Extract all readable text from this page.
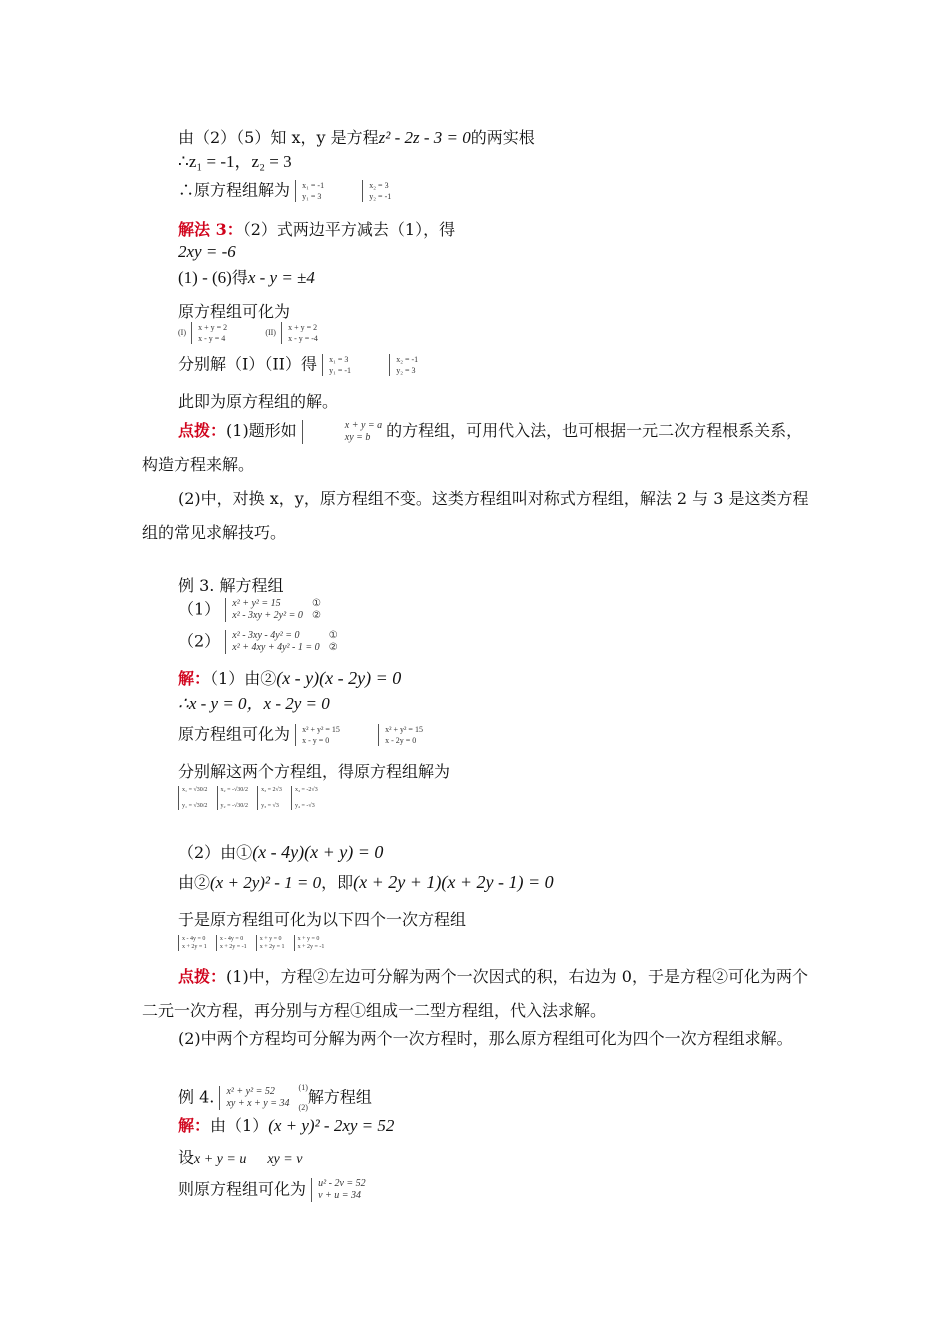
由（2）（5）知 x，y 是方程z² - 2z - 3 = 0的两实根
∴z₁ = -1，z₂ = 3
∴原方程组解为 x₁ = -1
y₁ = 3

x₂ = 3
y₂ = -1
解法 3：（2）式两边平方减去（1），得
2xy = -6
(1) - (6)得x - y = ±4
原方程组可化为
(I)
x + y = 2
x - y = 4
(II)
x + y = 2
x - y = -4
分别解（I）（II）得 x₁ = 3
y₁ = -1

x₂ = -1
y₂ = 3
此即为原方程组的解。
点拨：(1)题形如	x + y = a
xy = b 的方程组，可用代入法，也可根据一元二次方程根系关系，构造方程来解。
(2)中，对换 x，y，原方程组不变。这类方程组叫对称式方程组，解法 2 与 3 是这类方程组的常见求解技巧。
例 3. 解方程组
（1） x² + y² = 15
x² - 3xy + 2y² = 0

①
②
（2） x² - 3xy - 4y² = 0
x² + 4xy + 4y² - 1 = 0

①
②
解：（1）由②(x - y)(x - 2y) = 0
∴x - y = 0，x - 2y = 0
原方程组可化为 x² + y² = 15
x - y = 0

x² + y² = 15
x - 2y = 0
分别解这两个方程组，得原方程组解为
x₁ = √30/2
y₁ = √30/2

x₂ = -√30/2
y₂ = -√30/2

x₃ = 2√3
y₃ = √3

x₄ = -2√3
y₄ = -√3
（2）由①(x - 4y)(x + y) = 0
由②(x + 2y)² - 1 = 0，即(x + 2y + 1)(x + 2y - 1) = 0
于是原方程组可化为以下四个一次方程组
x - 4y = 0
x + 2y = 1

x - 4y = 0
x + 2y = -1

x + y = 0
x + 2y = 1

x + y = 0
x + 2y = -1
点拨：(1)中，方程②左边可分解为两个一次因式的积，右边为 0，于是方程②可化为两个二元一次方程，再分别与方程①组成一二型方程组，代入法求解。
(2)中两个方程均可分解为两个一次方程时，那么原方程组可化为四个一次方程组求解。
例 4. x² + y² = 52
xy + x + y = 34

(1)
(2)
解方程组
解：由（1）(x + y)² - 2xy = 52
设x + y = u      xy = v
则原方程组可化为 u² - 2v = 52
v + u = 34
